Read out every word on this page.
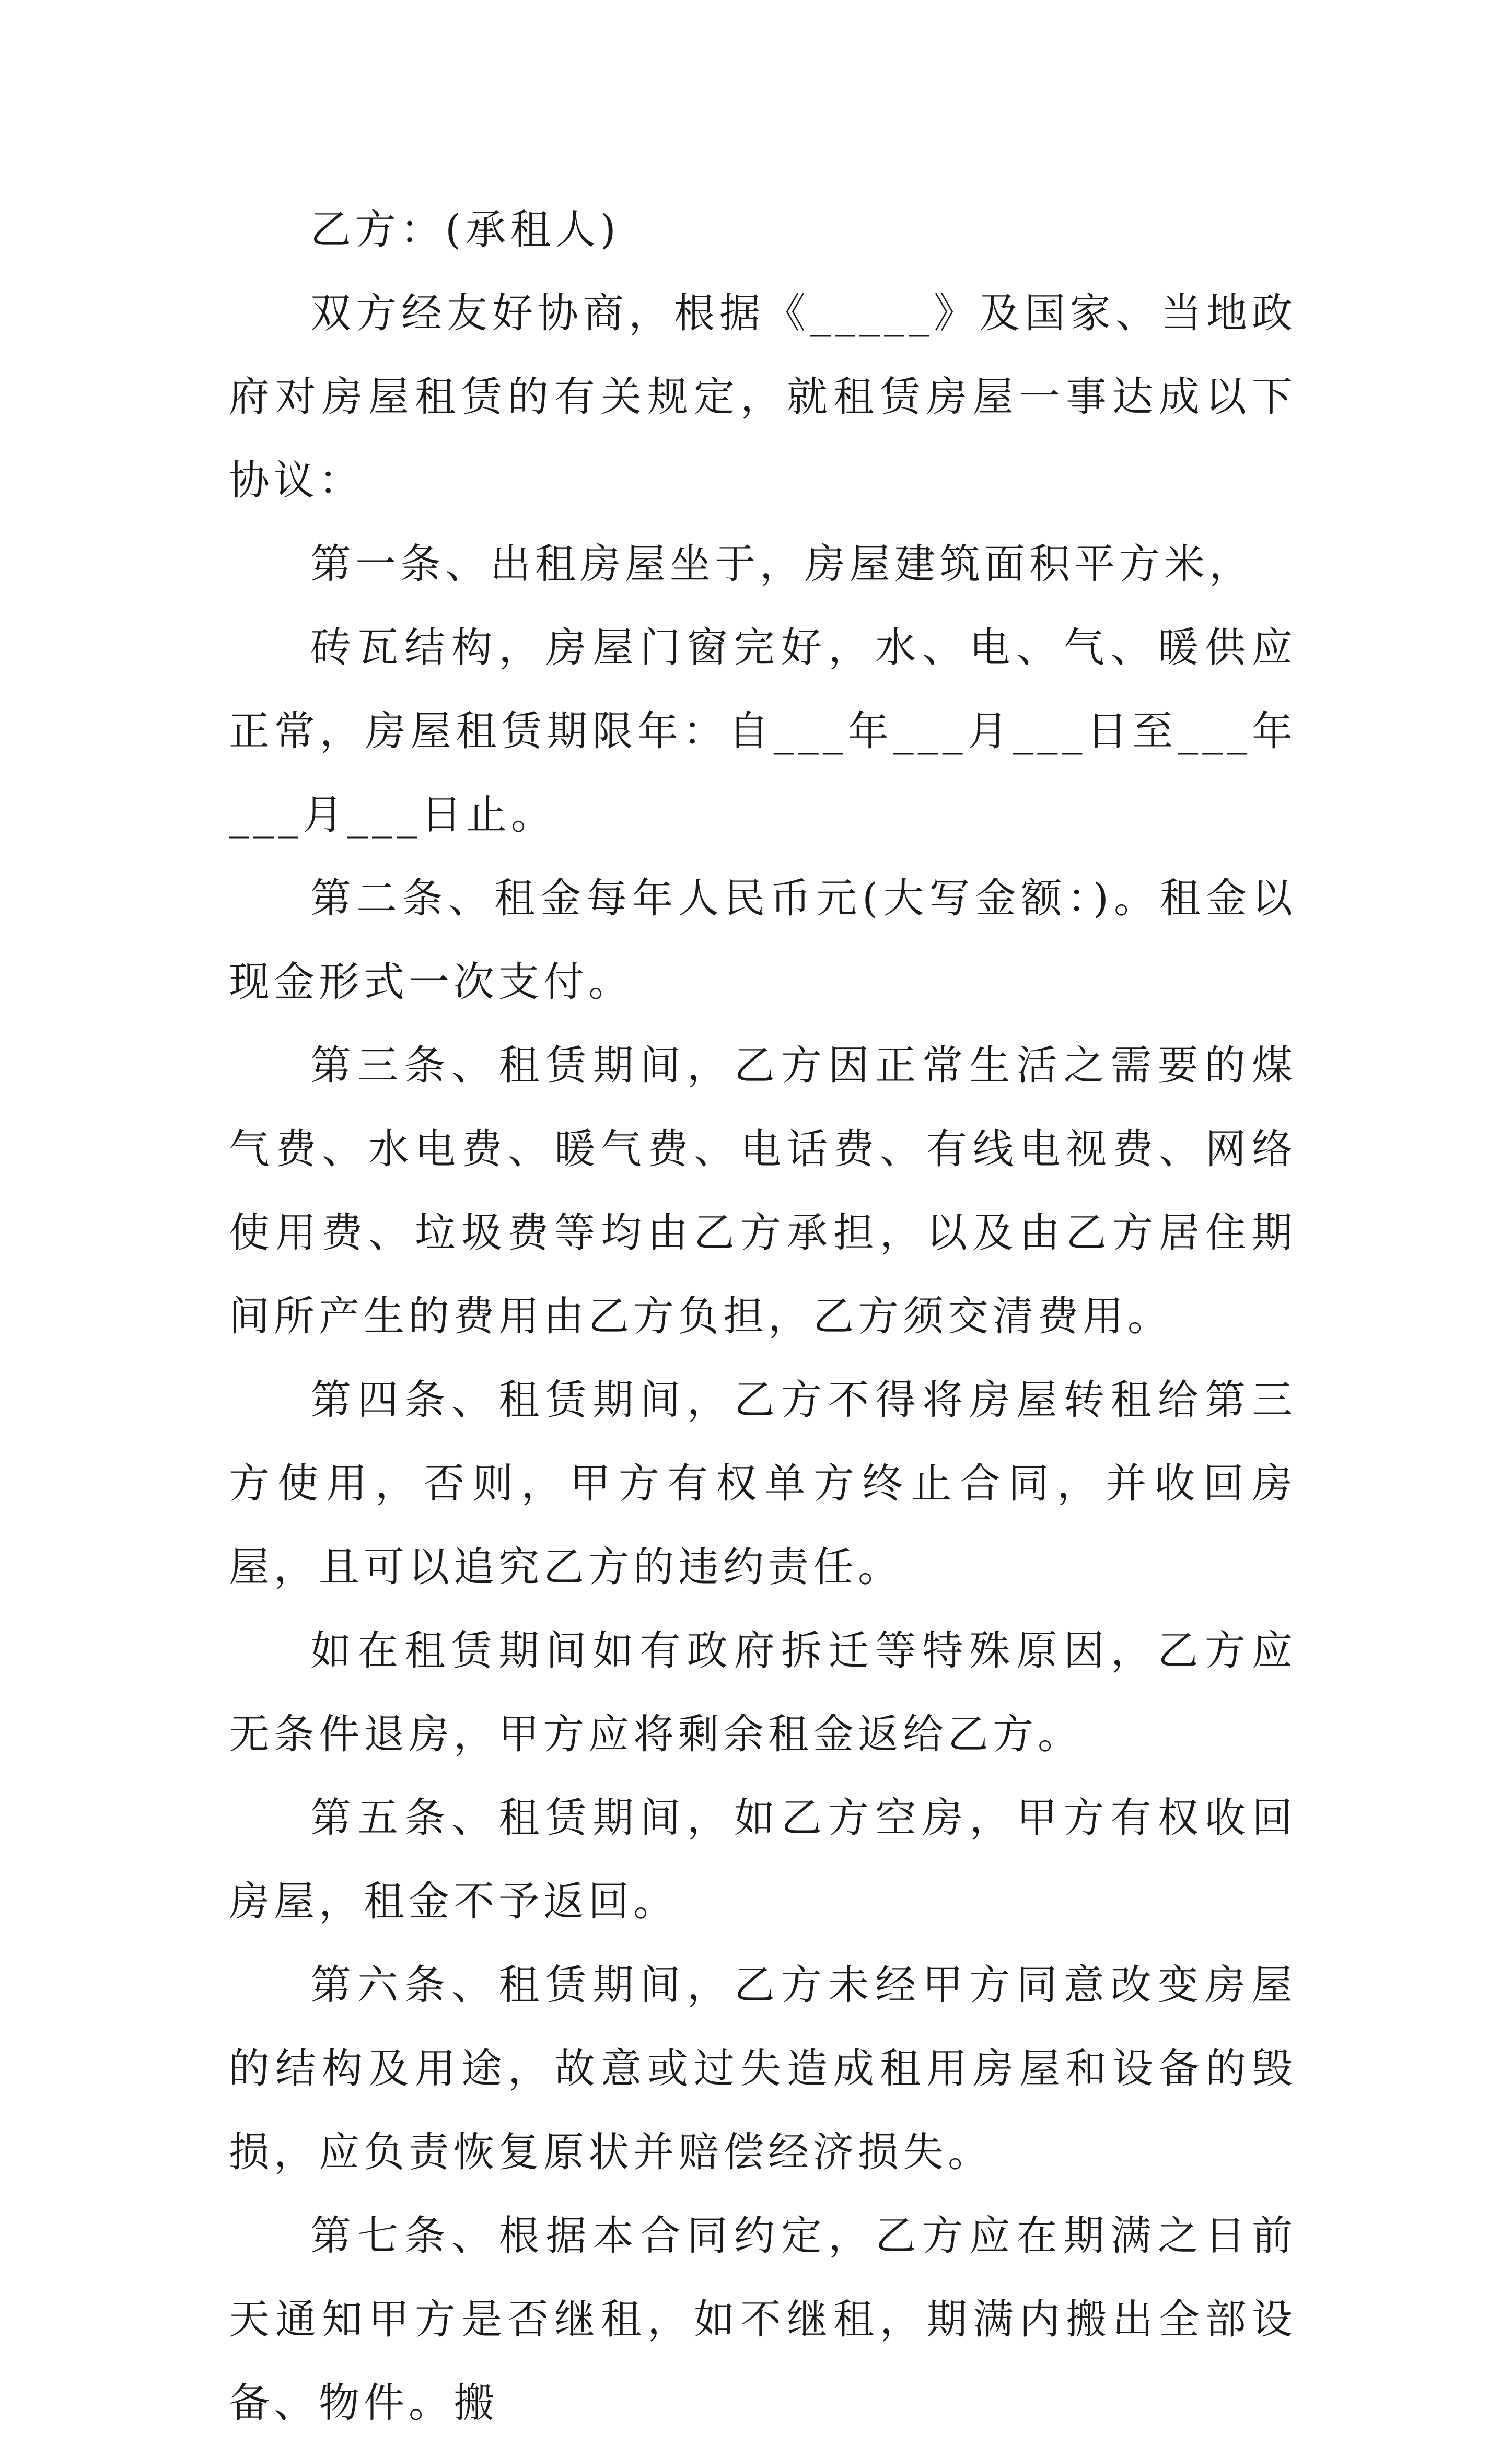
乙方：(承租人)

双方经友好协商，根据《_____》及国家、当地政府对房屋租赁的有关规定，就租赁房屋一事达成以下协议：

第一条、出租房屋坐于，房屋建筑面积平方米，

砖瓦结构，房屋门窗完好，水、电、气、暖供应正常，房屋租赁期限年：自___年___月___日至___年___月___日止。

第二条、租金每年人民币元(大写金额：)。租金以现金形式一次支付。

第三条、租赁期间，乙方因正常生活之需要的煤气费、水电费、暖气费、电话费、有线电视费、网络使用费、垃圾费等均由乙方承担，以及由乙方居住期间所产生的费用由乙方负担，乙方须交清费用。

第四条、租赁期间，乙方不得将房屋转租给第三方使用，否则，甲方有权单方终止合同，并收回房屋，且可以追究乙方的违约责任。

如在租赁期间如有政府拆迁等特殊原因，乙方应无条件退房，甲方应将剩余租金返给乙方。

第五条、租赁期间，如乙方空房，甲方有权收回房屋，租金不予返回。

第六条、租赁期间，乙方未经甲方同意改变房屋的结构及用途，故意或过失造成租用房屋和设备的毁损，应负责恢复原状并赔偿经济损失。

第七条、根据本合同约定，乙方应在期满之日前天通知甲方是否继租，如不继租，期满内搬出全部设备、物件。搬
